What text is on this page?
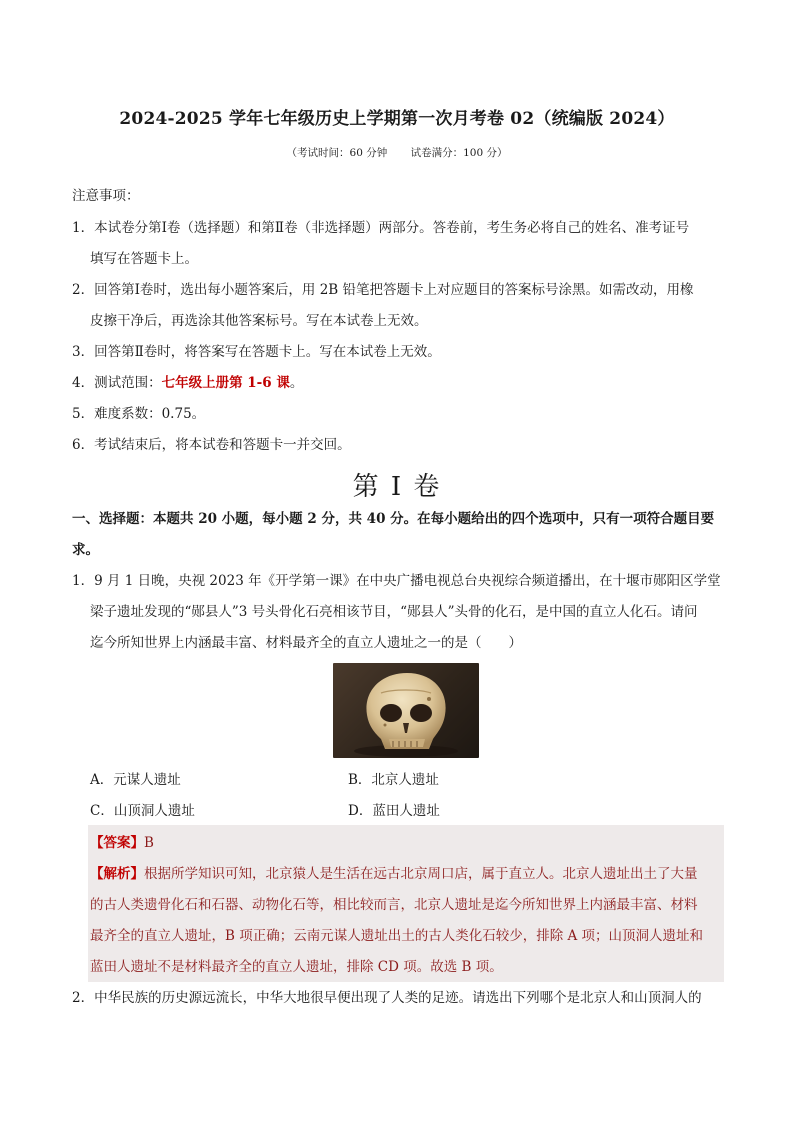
2024-2025 学年七年级历史上学期第一次月考卷 02（统编版 2024）
（考试时间：60 分钟 试卷满分：100 分）
注意事项：
1．本试卷分第Ⅰ卷（选择题）和第Ⅱ卷（非选择题）两部分。答卷前，考生务必将自己的姓名、准考证号
填写在答题卡上。
2．回答第Ⅰ卷时，选出每小题答案后，用 2B 铅笔把答题卡上对应题目的答案标号涂黑。如需改动，用橡
皮擦干净后，再选涂其他答案标号。写在本试卷上无效。
3．回答第Ⅱ卷时，将答案写在答题卡上。写在本试卷上无效。
4．测试范围：七年级上册第 1-6 课。
5．难度系数：0.75。
6．考试结束后，将本试卷和答题卡一并交回。
第 I 卷
一、选择题：本题共 20 小题，每小题 2 分，共 40 分。在每小题给出的四个选项中，只有一项符合题目要
求。
1．9 月 1 日晚，央视 2023 年《开学第一课》在中央广播电视总台央视综合频道播出，在十堰市郧阳区学堂
梁子遗址发现的“郧县人”3 号头骨化石亮相该节目，“郧县人”头骨的化石，是中国的直立人化石。请问
迄今所知世界上内涵最丰富、材料最齐全的直立人遗址之一的是（　　）
A．元谋人遗址	B．北京人遗址
C．山顶洞人遗址	D．蓝田人遗址
【答案】B
【解析】根据所学知识可知，北京猿人是生活在远古北京周口店，属于直立人。北京人遗址出土了大量
的古人类遗骨化石和石器、动物化石等，相比较而言，北京人遗址是迄今所知世界上内涵最丰富、材料
最齐全的直立人遗址，B 项正确；云南元谋人遗址出土的古人类化石较少，排除 A 项；山顶洞人遗址和
蓝田人遗址不是材料最齐全的直立人遗址，排除 CD 项。故选 B 项。
2．中华民族的历史源远流长，中华大地很早便出现了人类的足迹。请选出下列哪个是北京人和山顶洞人的
